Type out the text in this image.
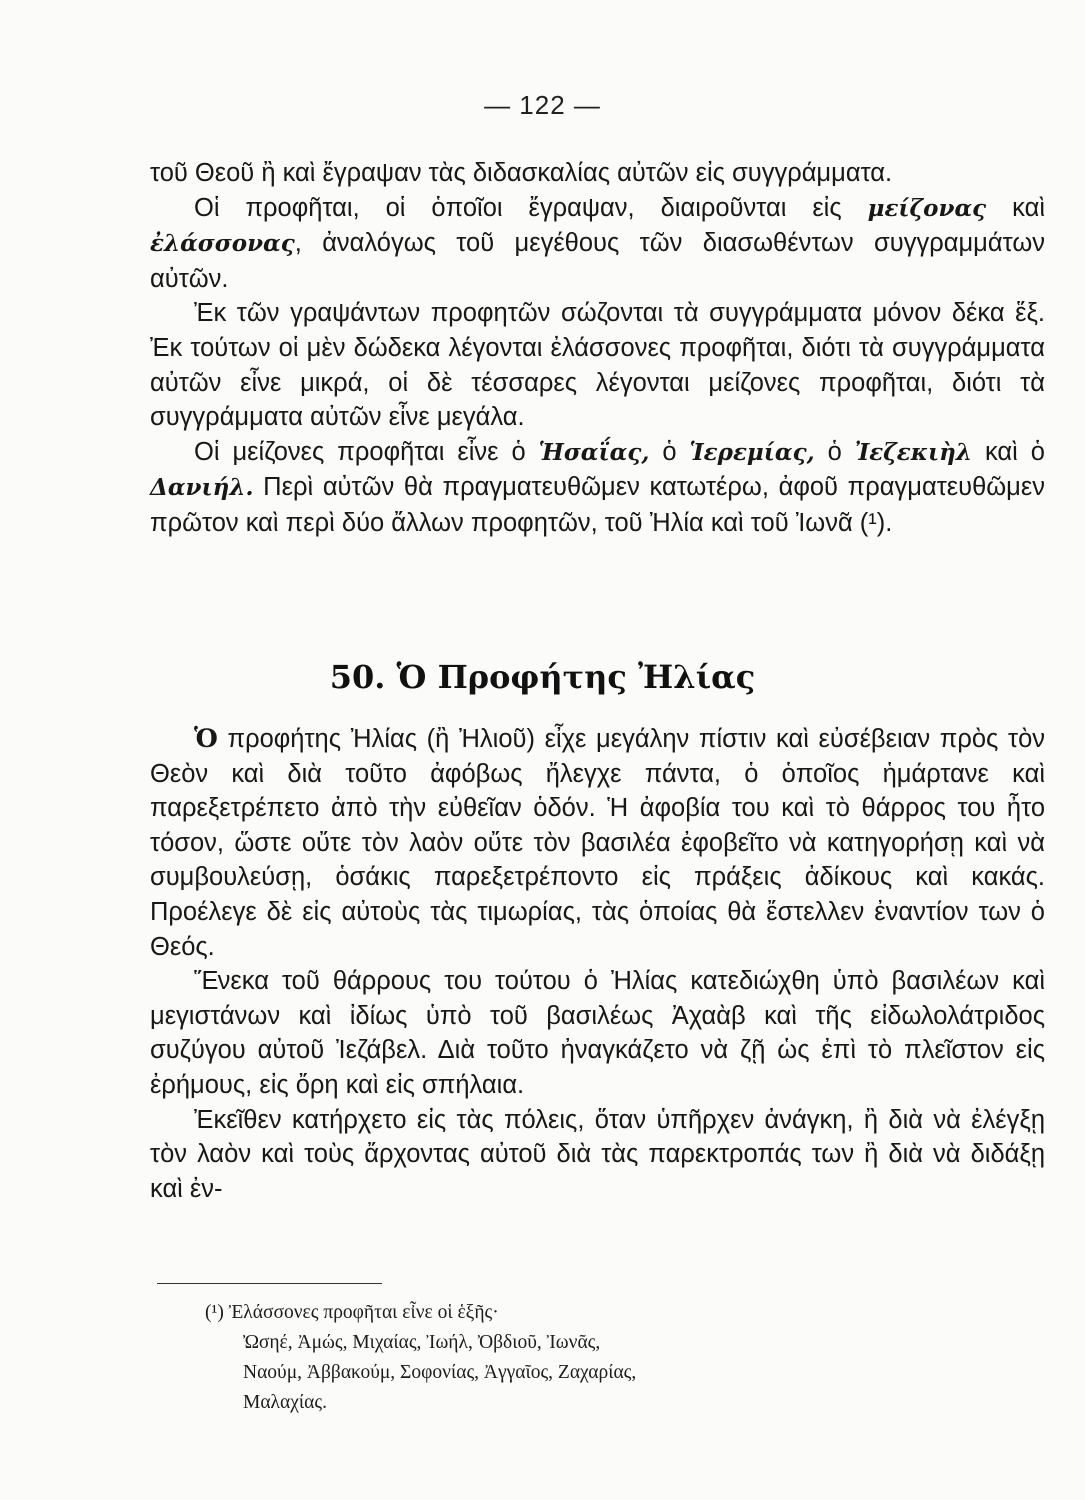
— 122 —

τοῦ Θεοῦ ἢ καὶ ἔγραψαν τὰς διδασκαλίας αὐτῶν εἰς συγγράμματα.

Οἱ προφῆται, οἱ ὁποῖοι ἔγραψαν, διαιροῦνται εἰς μείζονας καὶ ἐλάσσονας, ἀναλόγως τοῦ μεγέθους τῶν διασωθέντων συγγραμμάτων αὐτῶν.

Ἐκ τῶν γραψάντων προφητῶν σώζονται τὰ συγγράμματα μόνον δέκα ἕξ. Ἐκ τούτων οἱ μὲν δώδεκα λέγονται ἐλάσσονες προφῆται, διότι τὰ συγγράμματα αὐτῶν εἶνε μικρά, οἱ δὲ τέσσαρες λέγονται μείζονες προφῆται, διότι τὰ συγγράμματα αὐτῶν εἶνε μεγάλα.

Οἱ μείζονες προφῆται εἶνε ὁ Ἡσαΐας, ὁ Ἱερεμίας, ὁ Ἰεζεκιὴλ καὶ ὁ Δανιήλ. Περὶ αὐτῶν θὰ πραγματευθῶμεν κατωτέρω, ἀφοῦ πραγματευθῶμεν πρῶτον καὶ περὶ δύο ἄλλων προφητῶν, τοῦ Ἠλία καὶ τοῦ Ἰωνᾶ (¹).

50. Ὁ Προφήτης Ἠλίας

Ὁ προφήτης Ἠλίας (ἢ Ἠλιοῦ) εἶχε μεγάλην πίστιν καὶ εὐσέβειαν πρὸς τὸν Θεὸν καὶ διὰ τοῦτο ἀφόβως ἤλεγχε πάντα, ὁ ὁποῖος ἡμάρτανε καὶ παρεξετρέπετο ἀπὸ τὴν εὐθεῖαν ὁδόν. Ἡ ἀφοβία του καὶ τὸ θάρρος του ἦτο τόσον, ὥστε οὔτε τὸν λαὸν οὔτε τὸν βασιλέα ἐφοβεῖτο νὰ κατηγορήσῃ καὶ νὰ συμβουλεύσῃ, ὁσάκις παρεξετρέποντο εἰς πράξεις ἀδίκους καὶ κακάς. Προέλεγε δὲ εἰς αὐτοὺς τὰς τιμωρίας, τὰς ὁποίας θὰ ἔστελλεν ἐναντίον των ὁ Θεός.

Ἕνεκα τοῦ θάρρους του τούτου ὁ Ἠλίας κατεδιώχθη ὑπὸ βασιλέων καὶ μεγιστάνων καὶ ἰδίως ὑπὸ τοῦ βασιλέως Ἀχαὰβ καὶ τῆς εἰδωλολάτριδος συζύγου αὐτοῦ Ἰεζάβελ. Διὰ τοῦτο ἠναγκάζετο νὰ ζῇ ὡς ἐπὶ τὸ πλεῖστον εἰς ἐρήμους, εἰς ὄρη καὶ εἰς σπήλαια.

Ἐκεῖθεν κατήρχετο εἰς τὰς πόλεις, ὅταν ὑπῆρχεν ἀνάγκη, ἢ διὰ νὰ ἐλέγξῃ τὸν λαὸν καὶ τοὺς ἄρχοντας αὐτοῦ διὰ τὰς παρεκτροπάς των ἢ διὰ νὰ διδάξῃ καὶ ἐν-

(¹) Ἐλάσσονες προφῆται εἶνε οἱ ἑξῆς·
Ὠσηέ, Ἀμώς, Μιχαίας, Ἰωήλ, Ὀβδιοῦ, Ἰωνᾶς,
Ναούμ, Ἀββακούμ, Σοφονίας, Ἀγγαῖος, Ζαχαρίας,
Μαλαχίας.
